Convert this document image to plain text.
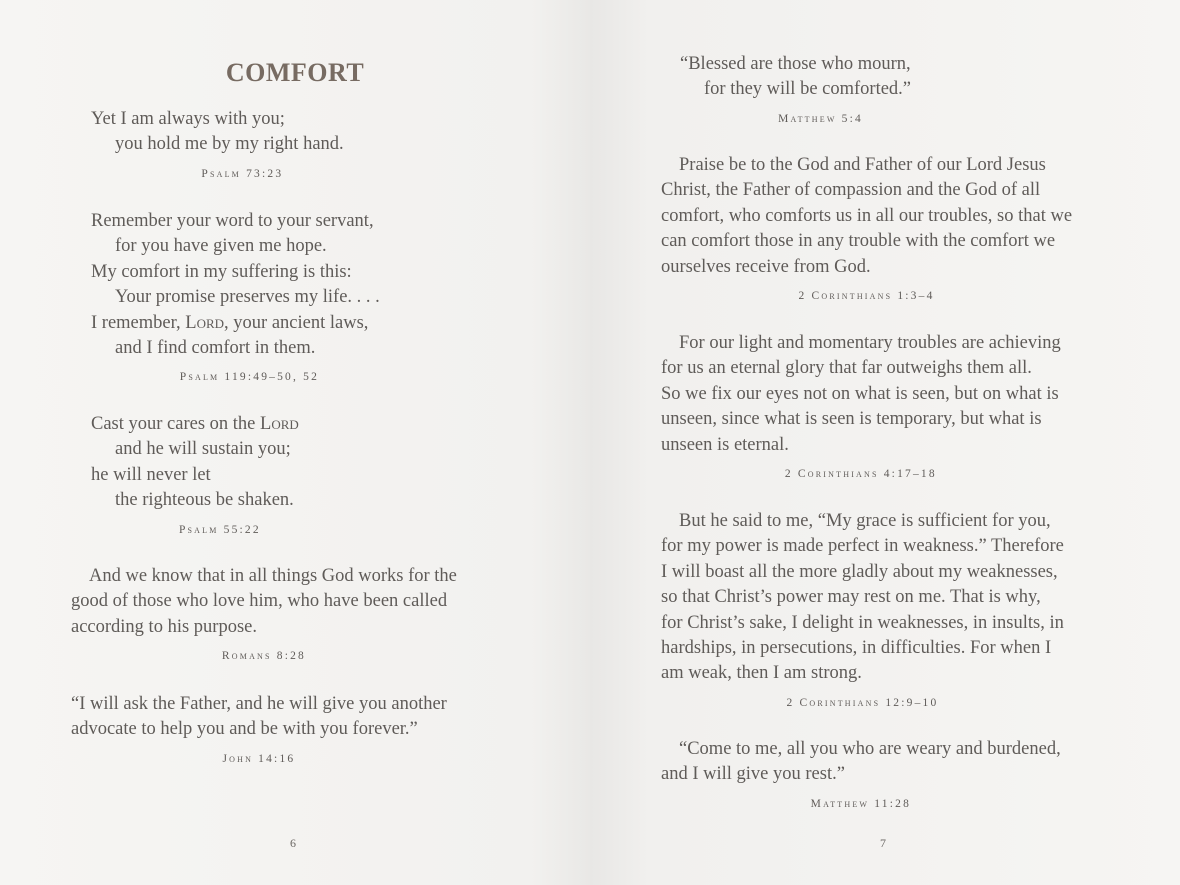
COMFORT
Yet I am always with you;
you hold me by my right hand.
Psalm 73:23
Remember your word to your servant,
for you have given me hope.
My comfort in my suffering is this:
Your promise preserves my life. . . .
I remember, Lord, your ancient laws,
and I find comfort in them.
Psalm 119:49–50, 52
Cast your cares on the Lord
and he will sustain you;
he will never let
the righteous be shaken.
Psalm 55:22
And we know that in all things God works for the
good of those who love him, who have been called
according to his purpose.
Romans 8:28
“I will ask the Father, and he will give you another
advocate to help you and be with you forever.”
John 14:16
6
“Blessed are those who mourn,
for they will be comforted.”
Matthew 5:4
Praise be to the God and Father of our Lord Jesus
Christ, the Father of compassion and the God of all
comfort, who comforts us in all our troubles, so that we
can comfort those in any trouble with the comfort we
ourselves receive from God.
2 Corinthians 1:3–4
For our light and momentary troubles are achieving
for us an eternal glory that far outweighs them all.
So we fix our eyes not on what is seen, but on what is
unseen, since what is seen is temporary, but what is
unseen is eternal.
2 Corinthians 4:17–18
But he said to me, “My grace is sufficient for you,
for my power is made perfect in weakness.” Therefore
I will boast all the more gladly about my weaknesses,
so that Christ’s power may rest on me. That is why,
for Christ’s sake, I delight in weaknesses, in insults, in
hardships, in persecutions, in difficulties. For when I
am weak, then I am strong.
2 Corinthians 12:9–10
“Come to me, all you who are weary and burdened,
and I will give you rest.”
Matthew 11:28
7
